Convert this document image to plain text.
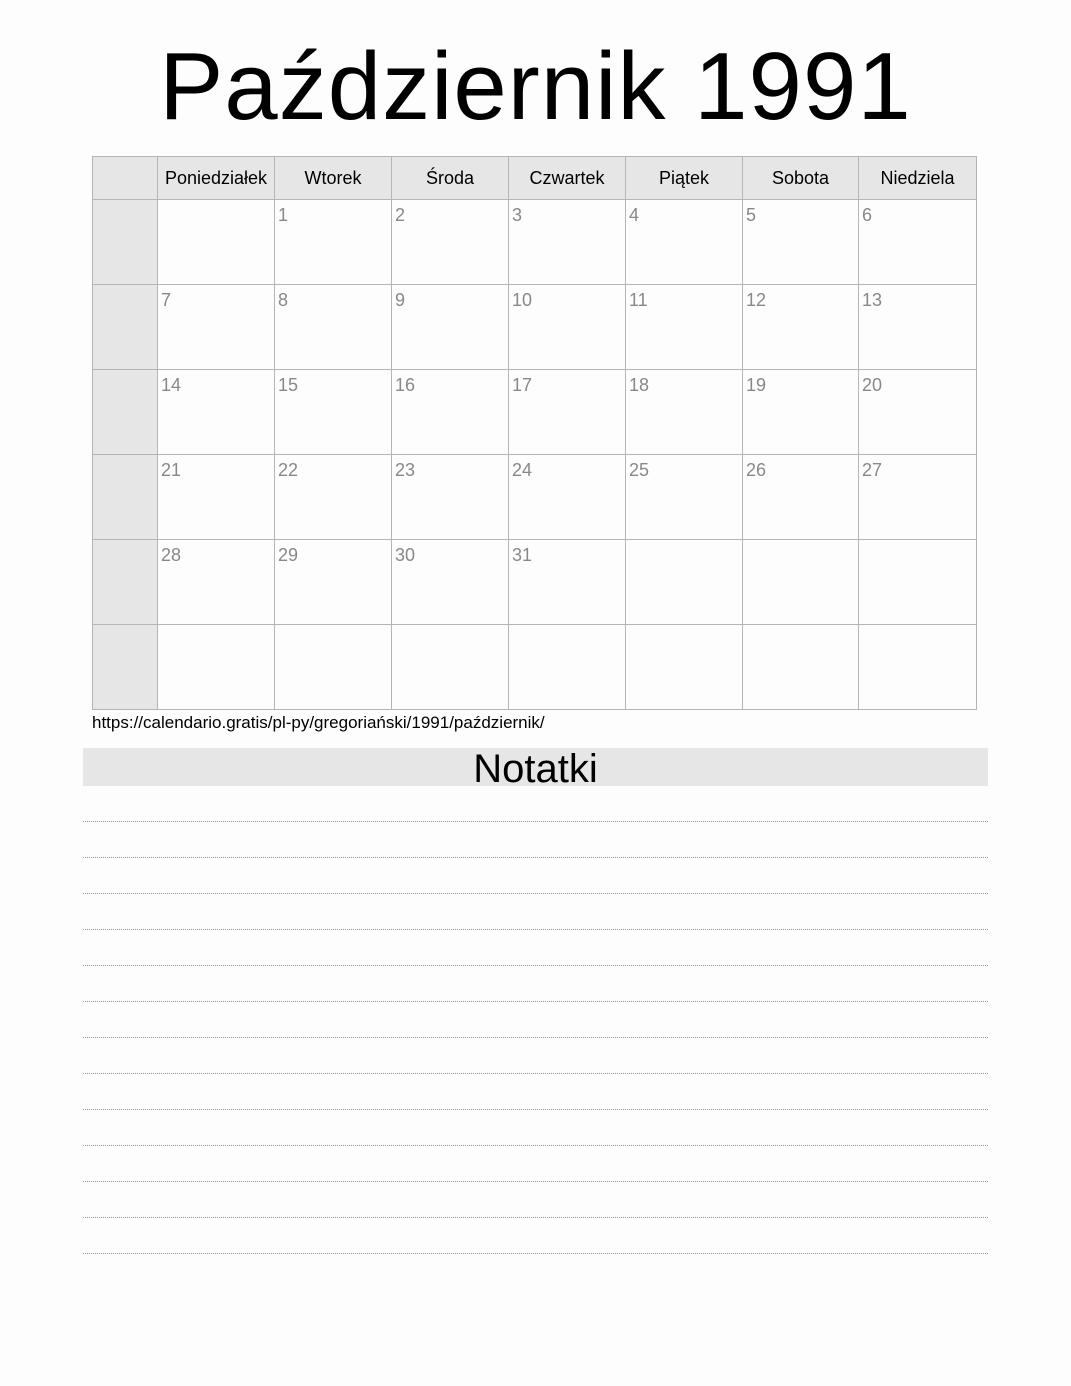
Październik 1991
	Poniedziałek	Wtorek	Środa	Czwartek	Piątek	Sobota	Niedziela

		1	2	3	4	5	6

	7	8	9	10	11	12	13

	14	15	16	17	18	19	20

	21	22	23	24	25	26	27

	28	29	30	31			

https://calendario.gratis/pl-py/gregoriański/1991/październik/
Notatki
